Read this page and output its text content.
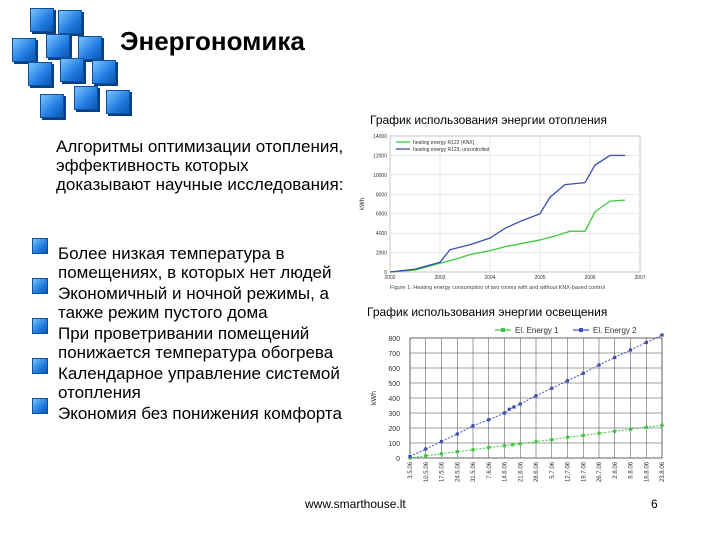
Энергономика
Алгоритмы оптимизации отопления, эффективность которых доказывают научные исследования:
Более низкая температура в помещениях, в которых нет людей
Экономичный и ночной режимы, а также режим пустого дома
При проветривании помещений понижается температура обогрева
Календарное управление системой отопления
Экономия без понижения комфорта
График использования энергии отопления
0
2000
4000
6000
8000
10000
12000
14000
2002	2003	2004	2005	2006	2007
kWh
heating energy R122 (KNX)
heating energy R123, uncontrolled
Figure 1. Heating energy consumption of two rooms with and without KNX-based control
График использования энергии освещения
El. Energy 1	El. Energy 2
0
100
200
300
400
500
600
700
800
3.5.06 10.5.06 17.5.06 24.5.06 31.5.06 7.6.06 14.6.06 21.6.06 28.6.06 5.7.06 12.7.06 19.7.06 26.7.06 2.8.06 9.8.06 16.8.06 23.8.06
kWh
www.smarthouse.lt	6
